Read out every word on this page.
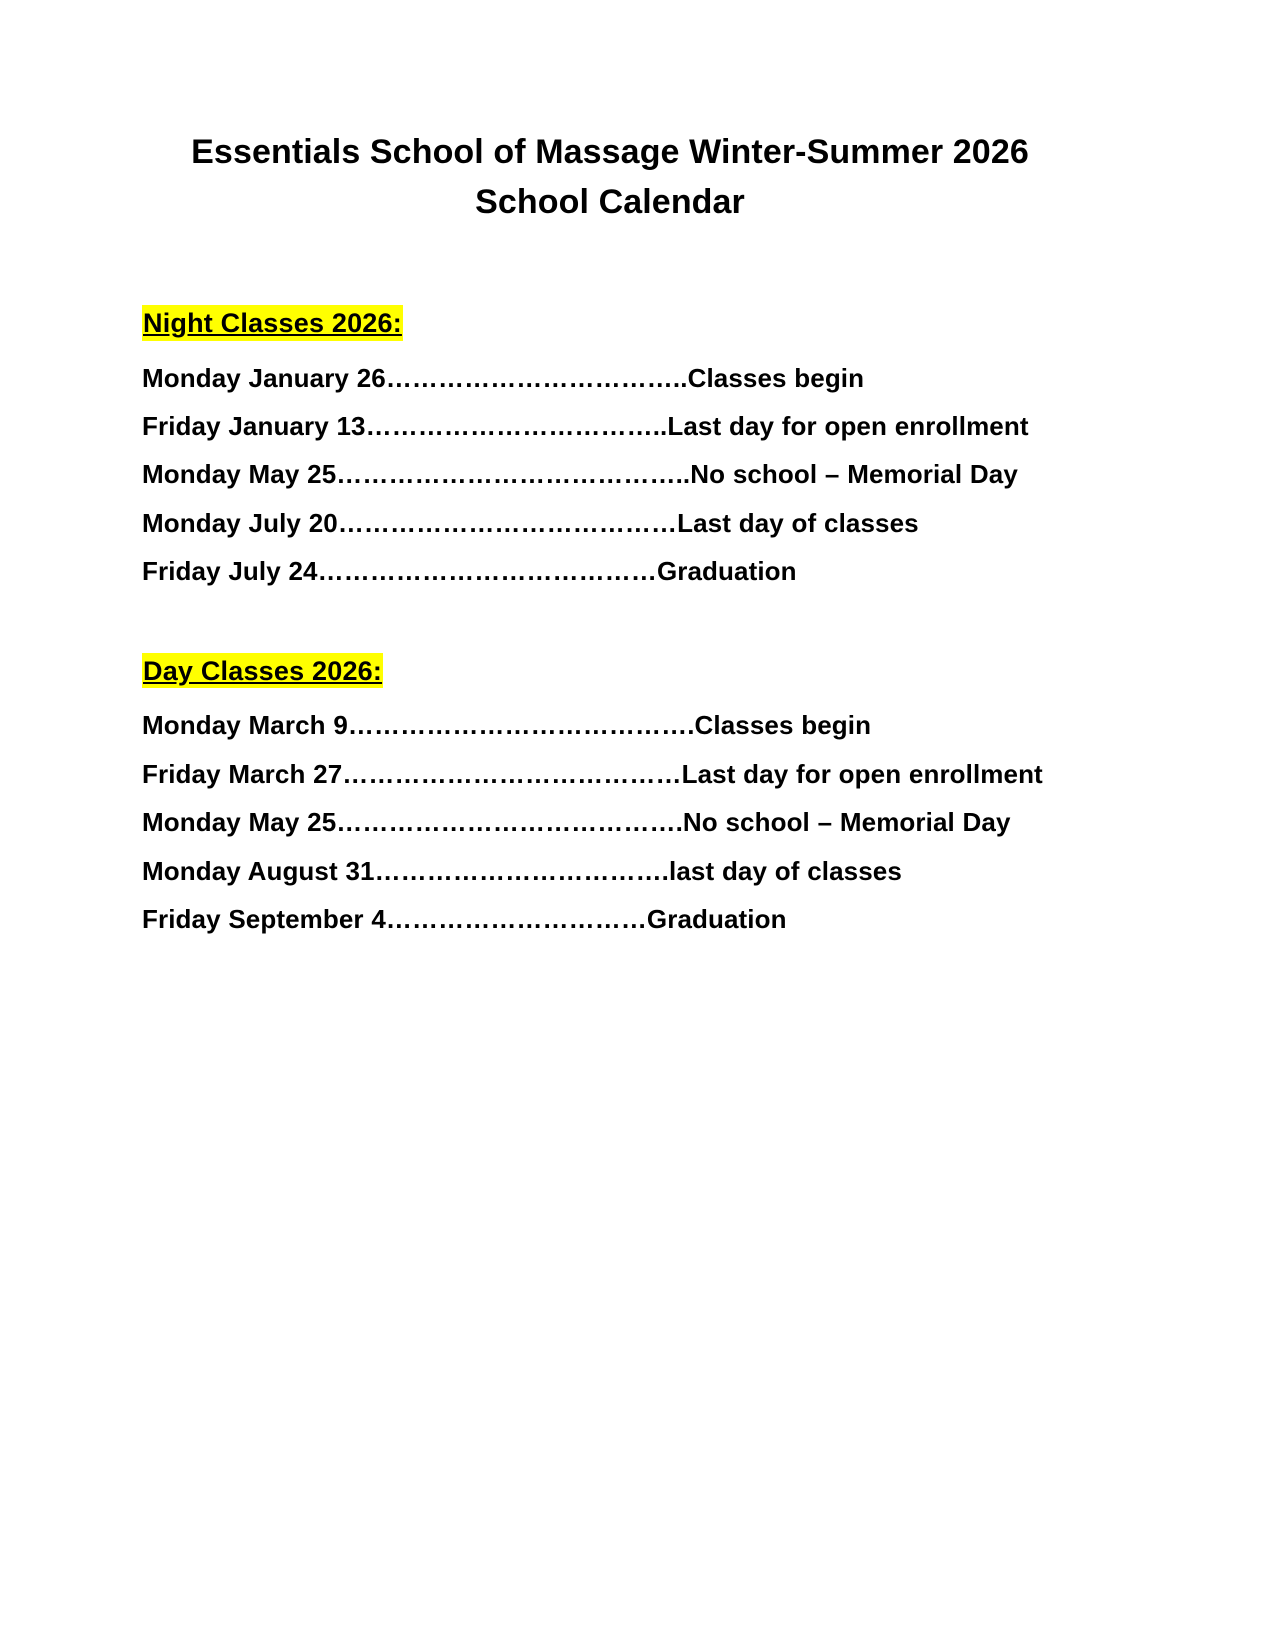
Essentials School of Massage Winter-Summer 2026
School Calendar
Night Classes 2026:

Monday January 26……………………………..Classes begin

Friday January 13……………………………..Last day for open enrollment

Monday May 25…………………………………..No school – Memorial Day

Monday July 20…………………………………Last day of classes

Friday July 24…………………………………Graduation

Day Classes 2026:

Monday March 9………………………………….Classes begin

Friday March 27…………………………………Last day for open enrollment

Monday May 25………………………………….No school – Memorial Day

Monday August 31…………………………….last day of classes

Friday September 4…………………………Graduation
